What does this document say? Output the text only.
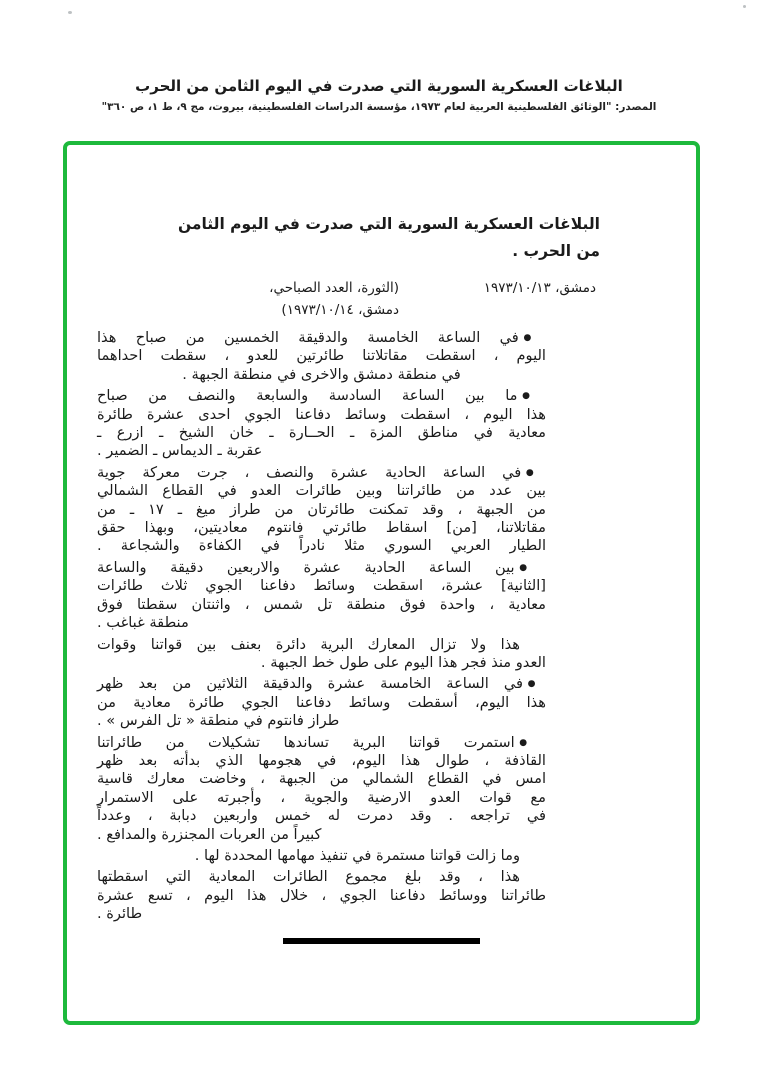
البلاغات العسكرية السورية التي صدرت في اليوم الثامن من الحرب
المصدر: "الوثائق الفلسطينية العربية لعام ١٩٧٣، مؤسسة الدراسات الفلسطينية، بيروت، مج ٩، ط ١، ص ٣٦٠"
البلاغات العسكرية السورية التي صدرت في اليوم الثامن
من الحرب .
دمشق، ١٩٧٣/١٠/١٣
(الثورة، العدد الصباحي،
دمشق، ١٩٧٣/١٠/١٤)

● في الساعة الخامسة والدقيقة الخمسين من صباح هذا
اليوم ، اسقطت مقاتلاتنا طائرتين للعدو ، سقطت احداهما
في منطقة دمشق والاخرى في منطقة الجبهة .

● ما بين الساعة السادسة والسابعة والنصف من صباح
هذا اليوم ، اسقطت وسائط دفاعنا الجوي احدى عشرة طائرة
معادية في مناطق المزة ـ الحــارة ـ خان الشيخ ـ ازرع ـ
عقربة ـ الديماس ـ الضمير .

● في الساعة الحادية عشرة والنصف ، جرت معركة جوية
بين عدد من طائراتنا وبين طائرات العدو في القطاع الشمالي
من الجبهة ، وقد تمكنت طائرتان من طراز ميغ ـ ١٧ ـ من
مقاتلاتنا، [من] اسقاط طائرتي فانتوم معاديتين، وبهذا حقق
الطيار العربي السوري مثلا نادراً في الكفاءة والشجاعة .

● بين الساعة الحادية عشرة والاربعين دقيقة والساعة
[الثانية] عشرة، اسقطت وسائط دفاعنا الجوي ثلاث طائرات
معادية ، واحدة فوق منطقة تل شمس ، واثنتان سقطتا فوق
منطقة غباغب .

هذا ولا تزال المعارك البرية دائرة بعنف بين قواتنا وقوات
العدو منذ فجر هذا اليوم على طول خط الجبهة .

● في الساعة الخامسة عشرة والدقيقة الثلاثين من بعد ظهر
هذا اليوم، أسقطت وسائط دفاعنا الجوي طائرة معادية من
طراز فانتوم في منطقة « تل الفرس » .

● استمرت قواتنا البرية تساندها تشكيلات من طائراتنا
القاذفة ، طوال هذا اليوم، في هجومها الذي بدأته بعد ظهر
امس في القطاع الشمالي من الجبهة ، وخاضت معارك قاسية
مع قوات العدو الارضية والجوية ، وأجبرته على الاستمرار
في تراجعه . وقد دمرت له خمس واربعين دبابة ، وعدداً
كبيراً من العربات المجنزرة والمدافع .

وما زالت قواتنا مستمرة في تنفيذ مهامها المحددة لها .

هذا ، وقد بلغ مجموع الطائرات المعادية التي اسقطتها
طائراتنا ووسائط دفاعنا الجوي ، خلال هذا اليوم ، تسع عشرة
طائرة .
